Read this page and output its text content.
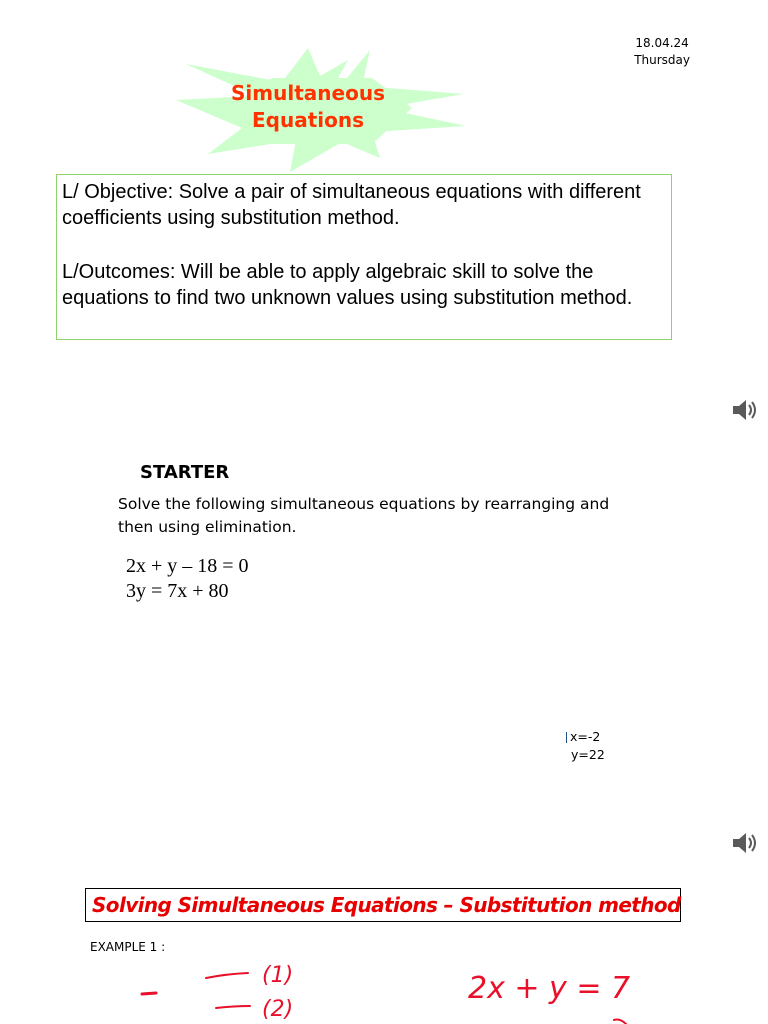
18.04.24
Thursday
Simultaneous
Equations

L/ Objective: Solve a pair of simultaneous equations with different coefficients using substitution method.

L/Outcomes: Will be able to apply algebraic skill to solve the equations to find two unknown values using substitution method.

STARTER
Solve the following simultaneous equations by rearranging and then using elimination.
2x + y – 18 = 0
3y = 7x + 80
x=-2
y=22
Solving Simultaneous Equations – Substitution method
EXAMPLE 1 :
(1)
(2)
2x + y = 7
